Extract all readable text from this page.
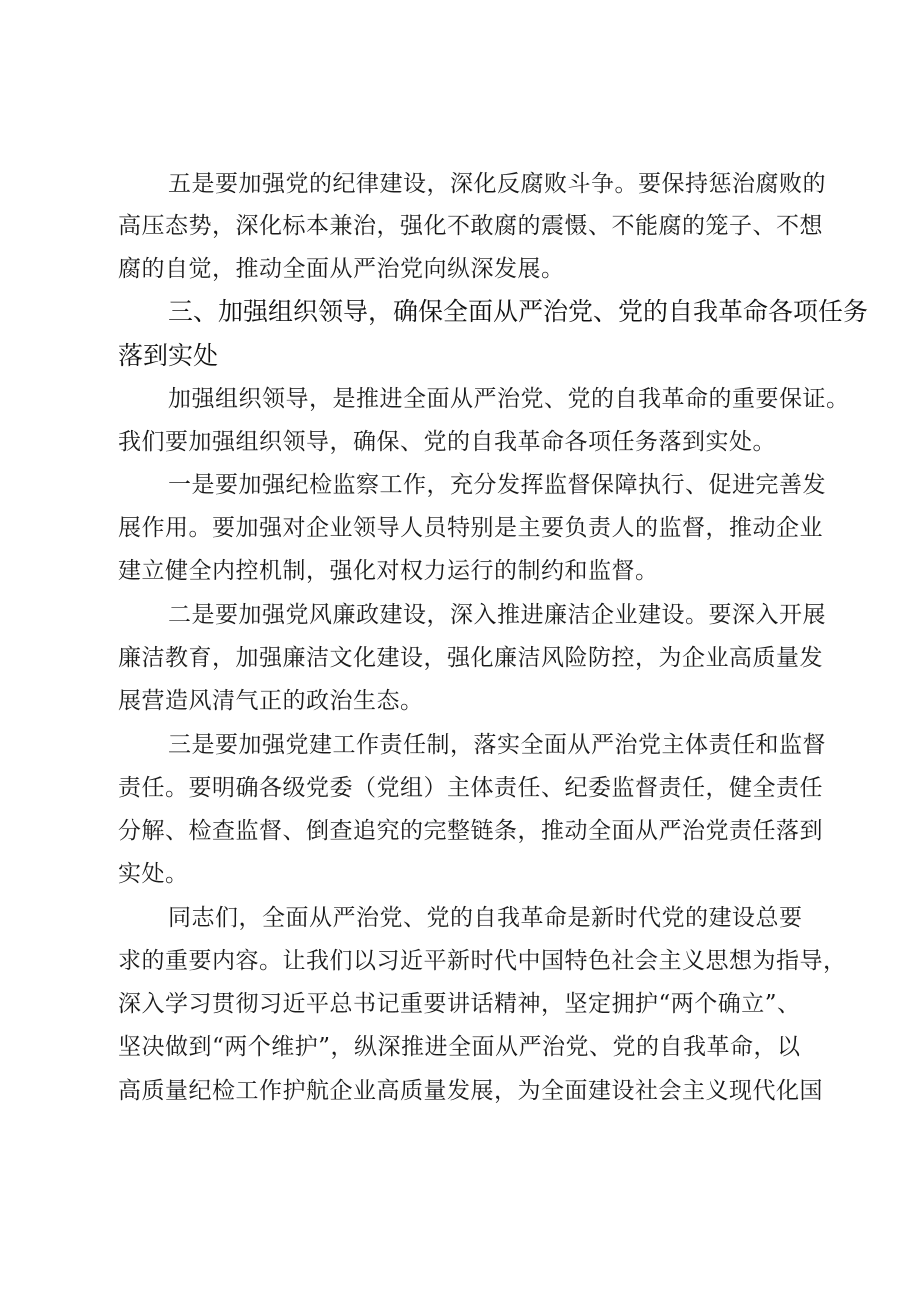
五是要加强党的纪律建设，深化反腐败斗争。要保持惩治腐败的
高压态势，深化标本兼治，强化不敢腐的震慑、不能腐的笼子、不想
腐的自觉，推动全面从严治党向纵深发展。
三、加强组织领导，确保全面从严治党、党的自我革命各项任务
落到实处
加强组织领导，是推进全面从严治党、党的自我革命的重要保证。
我们要加强组织领导，确保、党的自我革命各项任务落到实处。
一是要加强纪检监察工作，充分发挥监督保障执行、促进完善发
展作用。要加强对企业领导人员特别是主要负责人的监督，推动企业
建立健全内控机制，强化对权力运行的制约和监督。
二是要加强党风廉政建设，深入推进廉洁企业建设。要深入开展
廉洁教育，加强廉洁文化建设，强化廉洁风险防控，为企业高质量发
展营造风清气正的政治生态。
三是要加强党建工作责任制，落实全面从严治党主体责任和监督
责任。要明确各级党委（党组）主体责任、纪委监督责任，健全责任
分解、检查监督、倒查追究的完整链条，推动全面从严治党责任落到
实处。
同志们，全面从严治党、党的自我革命是新时代党的建设总要
求的重要内容。让我们以习近平新时代中国特色社会主义思想为指导，
深入学习贯彻习近平总书记重要讲话精神，坚定拥护“两个确立”、
坚决做到“两个维护”，纵深推进全面从严治党、党的自我革命，以
高质量纪检工作护航企业高质量发展，为全面建设社会主义现代化国
